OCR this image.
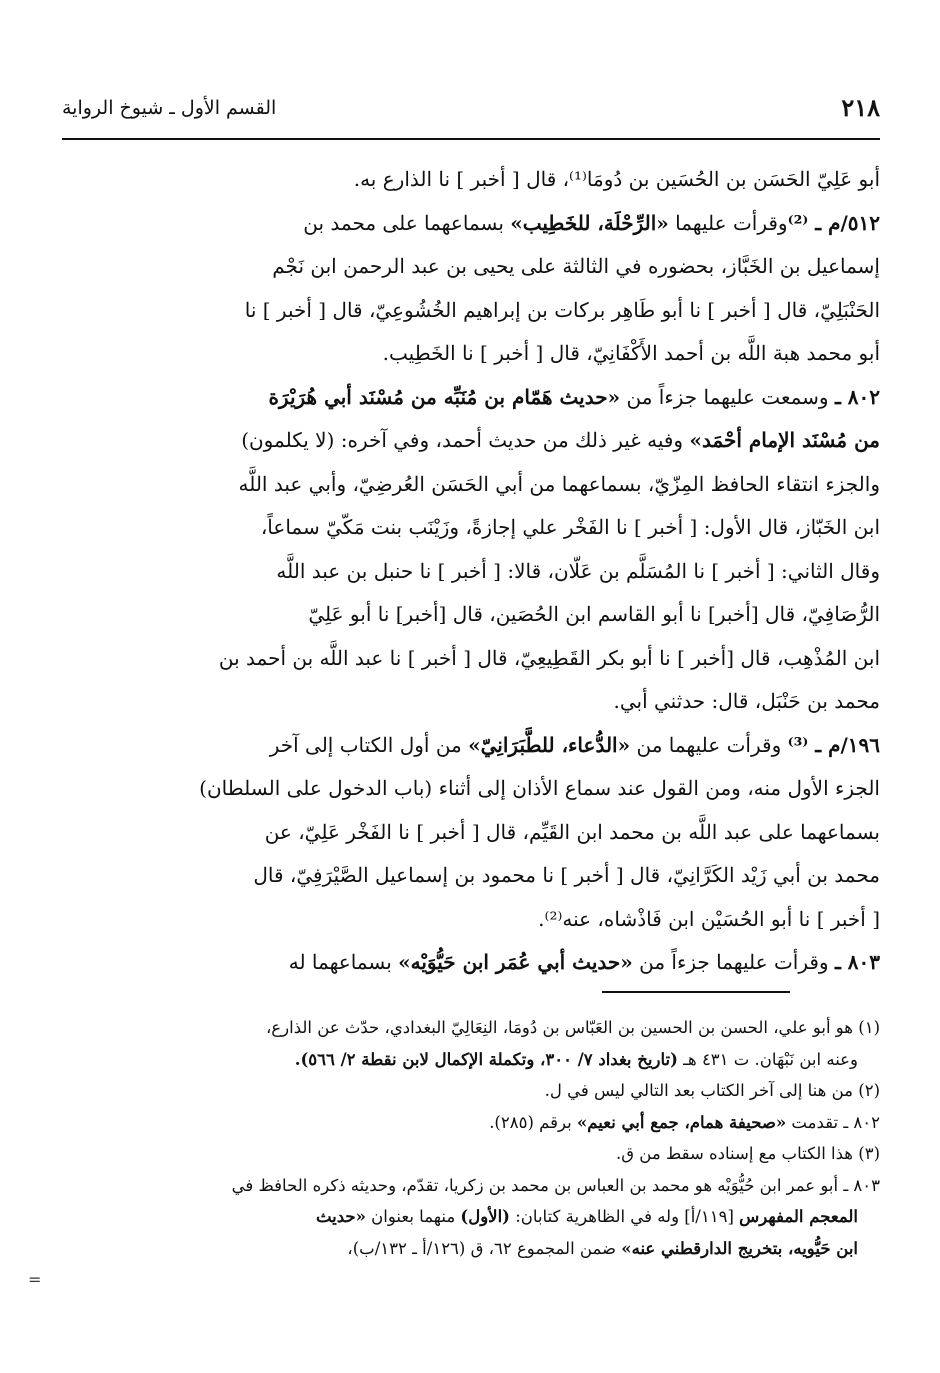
٢١٨
القسم الأول ـ شيوخ الرواية
أبو عَلِيّ الحَسَن بن الحُسَين بن دُومَا⁽¹⁾، قال [ أخبر ] نا الذارع به.
٥١٢/م ـ ⁽²⁾وقرأت عليهما «الرِّحْلَة، للخَطِيب» بسماعهما على محمد بن
إسماعيل بن الخَبَّاز، بحضوره في الثالثة على يحيى بن عبد الرحمن ابن نَجْم
الحَنْبَلِيّ، قال [ أخبر ] نا أبو طَاهِر بركات بن إبراهيم الخُشُوعِيّ، قال [ أخبر ] نا
أبو محمد هبة اللَّه بن أحمد الأَكْفَانِيّ، قال [ أخبر ] نا الخَطِيب.
٨٠٢ ـ وسمعت عليهما جزءاً من «حديث هَمّام بن مُنَبِّه من مُسْنَد أبي هُرَيْرَة
من مُسْنَد الإمام أحْمَد» وفيه غير ذلك من حديث أحمد، وفي آخره: (لا يكلمون)
والجزء انتقاء الحافظ المِزّيّ، بسماعهما من أبي الحَسَن العُرضِيّ، وأبي عبد اللَّه
ابن الخَبّاز، قال الأول: [ أخبر ] نا الفَخْر علي إجازةً، وزَيْنَب بنت مَكّيّ سماعاً،
وقال الثاني: [ أخبر ] نا المُسَلَّم بن عَلّان، قالا: [ أخبر ] نا حنبل بن عبد اللَّه
الرُّصَافِيّ، قال [أخبر] نا أبو القاسم ابن الحُصَين، قال [أخبر] نا أبو عَلِيّ
ابن المُذْهِب، قال [أخبر ] نا أبو بكر القَطِيعِيّ، قال [ أخبر ] نا عبد اللَّه بن أحمد بن
محمد بن حَنْبَل، قال: حدثني أبي.
١٩٦/م ـ ⁽³⁾ وقرأت عليهما من «الدُّعاء، للطَّبَرَانِيّ» من أول الكتاب إلى آخر
الجزء الأول منه، ومن القول عند سماع الأذان إلى أثناء (باب الدخول على السلطان)
بسماعهما على عبد اللَّه بن محمد ابن القَيِّم، قال [ أخبر ] نا الفَخْر عَلِيّ، عن
محمد بن أبي زَيْد الكَرَّانِيّ، قال [ أخبر ] نا محمود بن إسماعيل الصَّيْرَفِيّ، قال
[ أخبر ] نا أبو الحُسَيْن ابن فَاذْشاه، عنه⁽²⁾.
٨٠٣ ـ وقرأت عليهما جزءاً من «حديث أبي عُمَر ابن حَيُّوَيْه» بسماعهما له
(١) هو أبو علي، الحسن بن الحسين بن العَبّاس بن دُومَا، النِعَالِيّ البغدادي، حدّث عن الذارع،
وعنه ابن نَبْهَان. ت ٤٣١ هـ (تاريخ بغداد ٧/ ٣٠٠، وتكملة الإكمال لابن نقطة ٢/ ٥٦٦).
(٢) من هنا إلى آخر الكتاب بعد التالي ليس في ل.
٨٠٢ ـ تقدمت «صحيفة همام، جمع أبي نعيم» برقم (٢٨٥).
(٣) هذا الكتاب مع إسناده سقط من ق.
٨٠٣ ـ أبو عمر ابن حُيُّوَيْه هو محمد بن العباس بن محمد بن زكريا، تقدّم، وحديثه ذكره الحافظ في
المعجم المفهرس [١١٩/أ] وله في الظاهرية كتابان: (الأول) منهما بعنوان «حديث
ابن حَيُّويه، بتخريج الدارقطني عنه» ضمن المجموع ٦٢، ق (١٢٦/أ ـ ١٣٢/ب)،
=
